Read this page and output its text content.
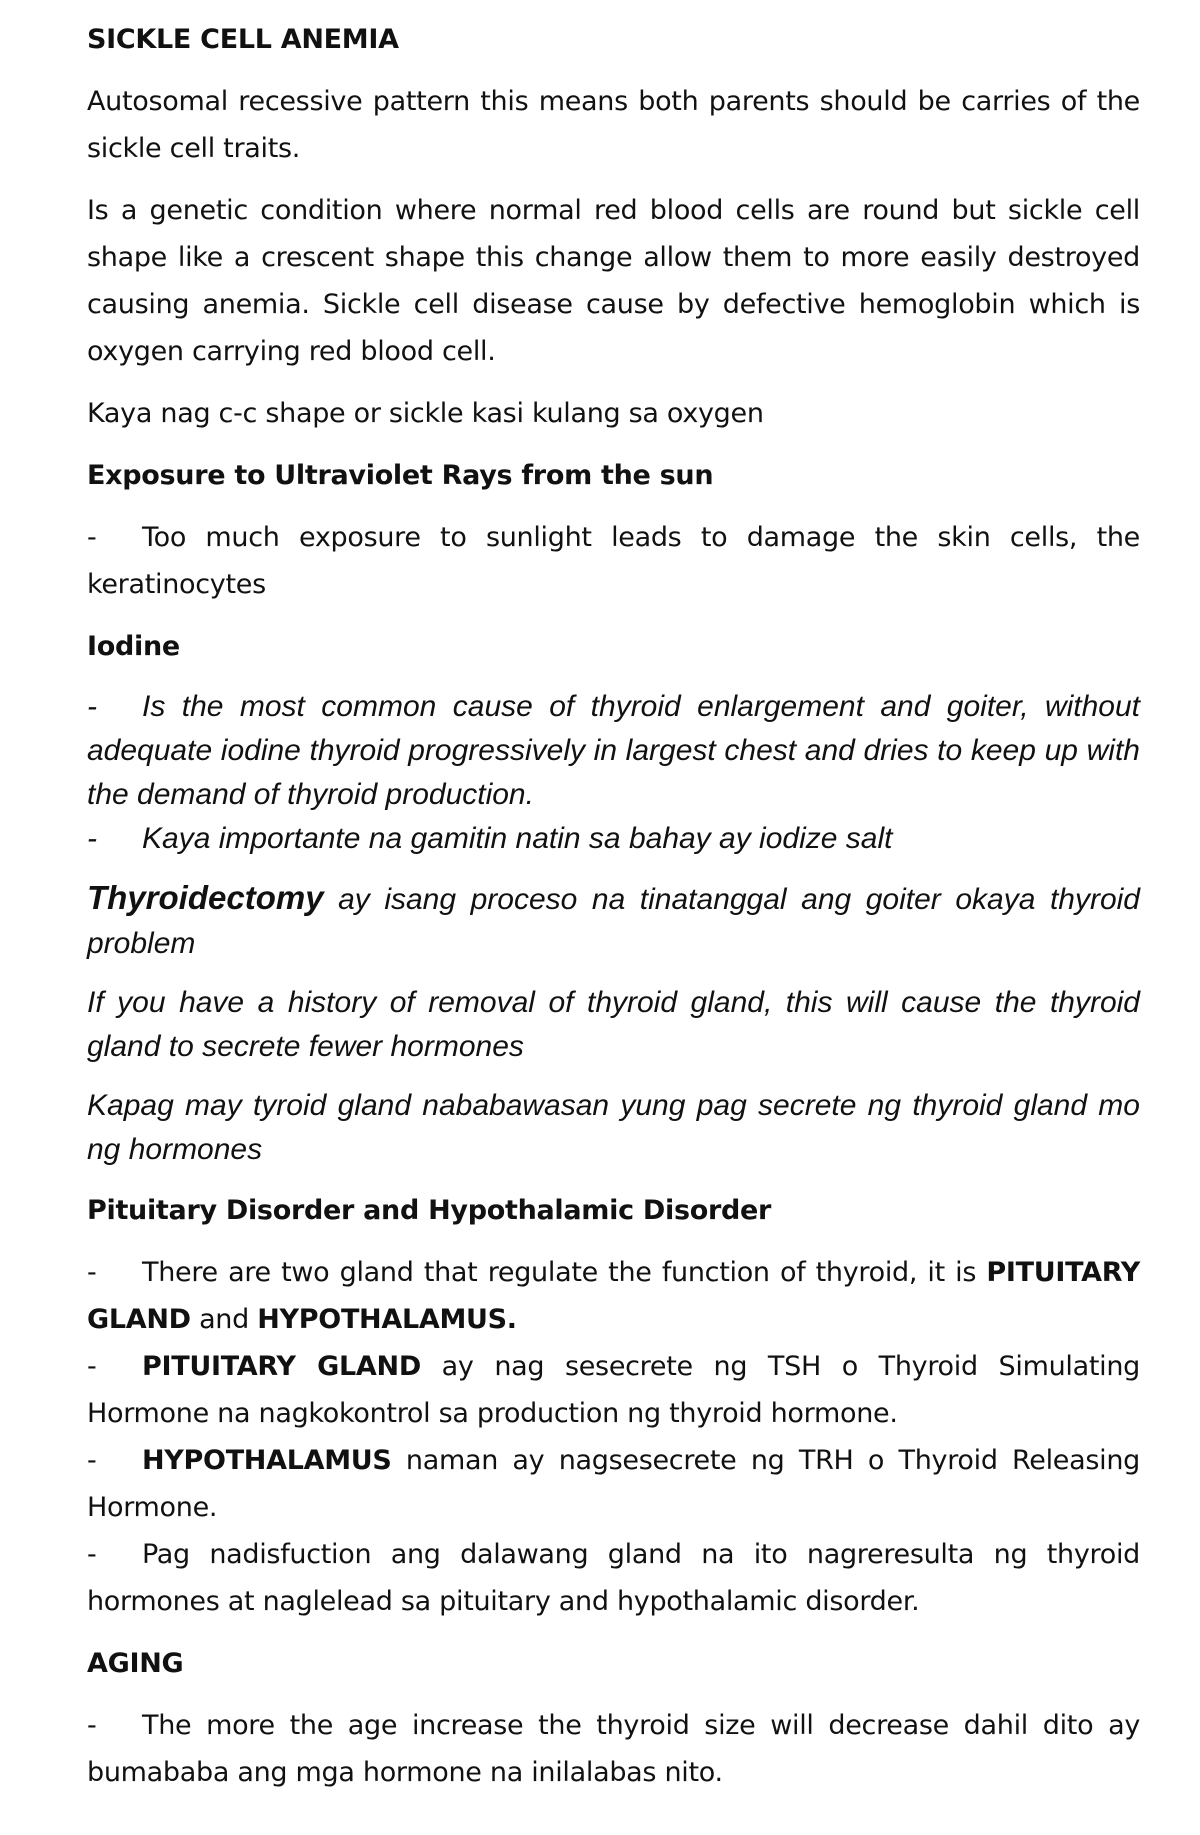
SICKLE CELL ANEMIA

Autosomal recessive pattern this means both parents should be carries of the sickle cell traits.

Is a genetic condition where normal red blood cells are round but sickle cell shape like a crescent shape this change allow them to more easily destroyed causing anemia. Sickle cell disease cause by defective hemoglobin which is oxygen carrying red blood cell.

Kaya nag c-c shape or sickle kasi kulang sa oxygen

Exposure to Ultraviolet Rays from the sun

- Too much exposure to sunlight leads to damage the skin cells, the keratinocytes

Iodine

- Is the most common cause of thyroid enlargement and goiter, without adequate iodine thyroid progressively in largest chest and dries to keep up with the demand of thyroid production.

- Kaya importante na gamitin natin sa bahay ay iodize salt

Thyroidectomy ay isang proceso na tinatanggal ang goiter okaya thyroid problem

If you have a history of removal of thyroid gland, this will cause the thyroid gland to secrete fewer hormones

Kapag may tyroid gland nababawasan yung pag secrete ng thyroid gland mo ng hormones

Pituitary Disorder and Hypothalamic Disorder

- There are two gland that regulate the function of thyroid, it is PITUITARY GLAND and HYPOTHALAMUS.

- PITUITARY GLAND ay nag sesecrete ng TSH o Thyroid Simulating Hormone na nagkokontrol sa production ng thyroid hormone.

- HYPOTHALAMUS naman ay nagsesecrete ng TRH o Thyroid Releasing Hormone.

- Pag nadisfuction ang dalawang gland na ito nagreresulta ng thyroid hormones at naglelead sa pituitary and hypothalamic disorder.

AGING

- The more the age increase the thyroid size will decrease dahil dito ay bumababa ang mga hormone na inilalabas nito.
